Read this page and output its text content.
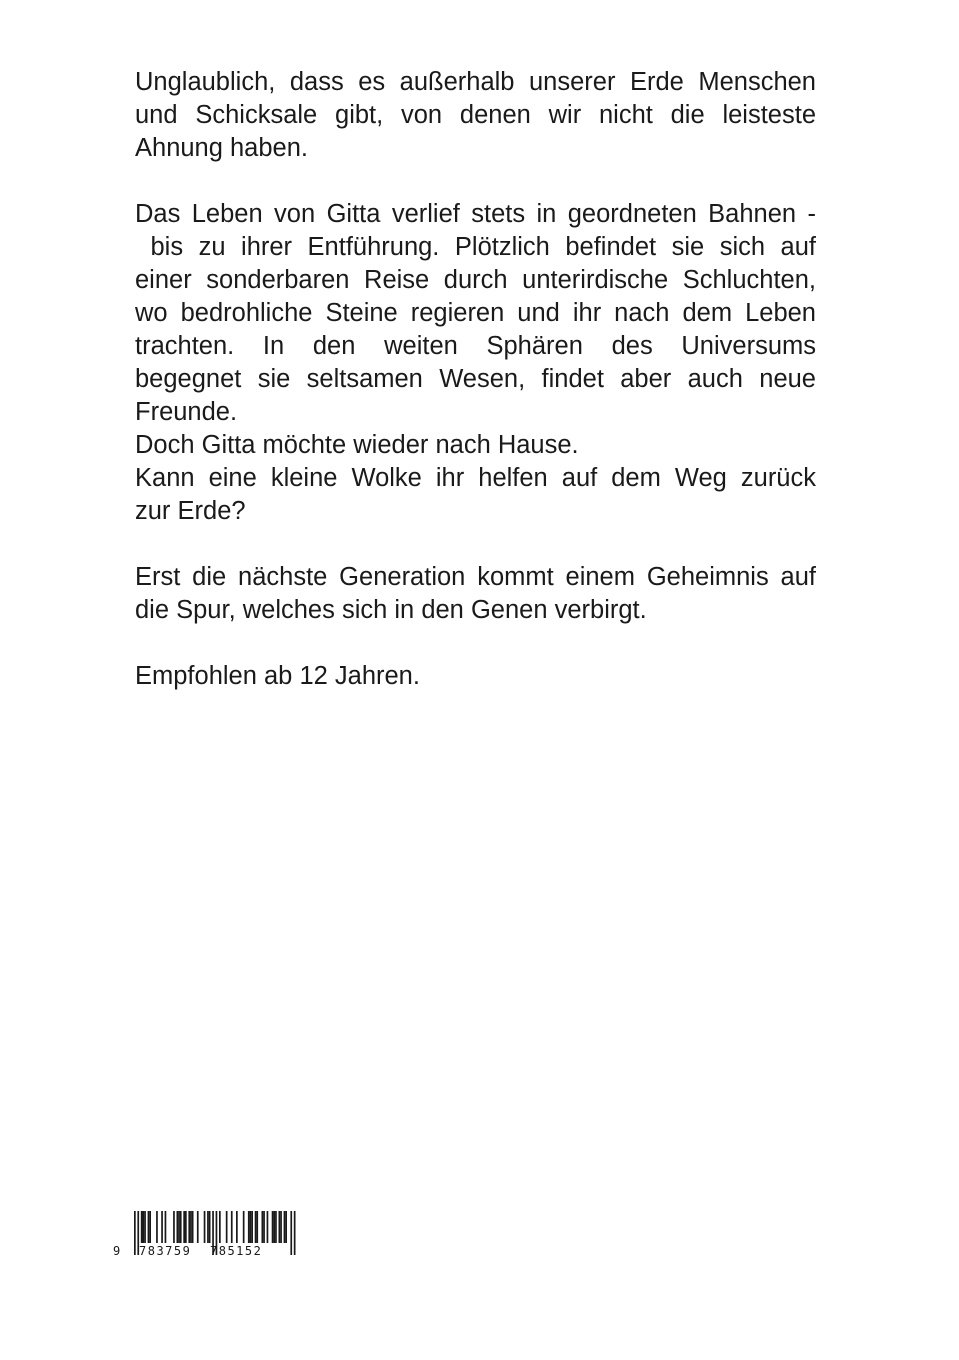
Unglaublich, dass es außerhalb unserer Erde Menschen
und Schicksale gibt, von denen wir nicht die leisteste
Ahnung haben.

Das Leben von Gitta verlief stets in geordneten Bahnen -
bis zu ihrer Entführung. Plötzlich befindet sie sich auf
einer sonderbaren Reise durch unterirdische Schluchten,
wo bedrohliche Steine regieren und ihr nach dem Leben
trachten. In den weiten Sphären des Universums
begegnet sie seltsamen Wesen, findet aber auch neue
Freunde.
Doch Gitta möchte wieder nach Hause.
Kann eine kleine Wolke ihr helfen auf dem Weg zurück
zur Erde?

Erst die nächste Generation kommt einem Geheimnis auf
die Spur, welches sich in den Genen verbirgt.

Empfohlen ab 12 Jahren.

9 783759 785152
